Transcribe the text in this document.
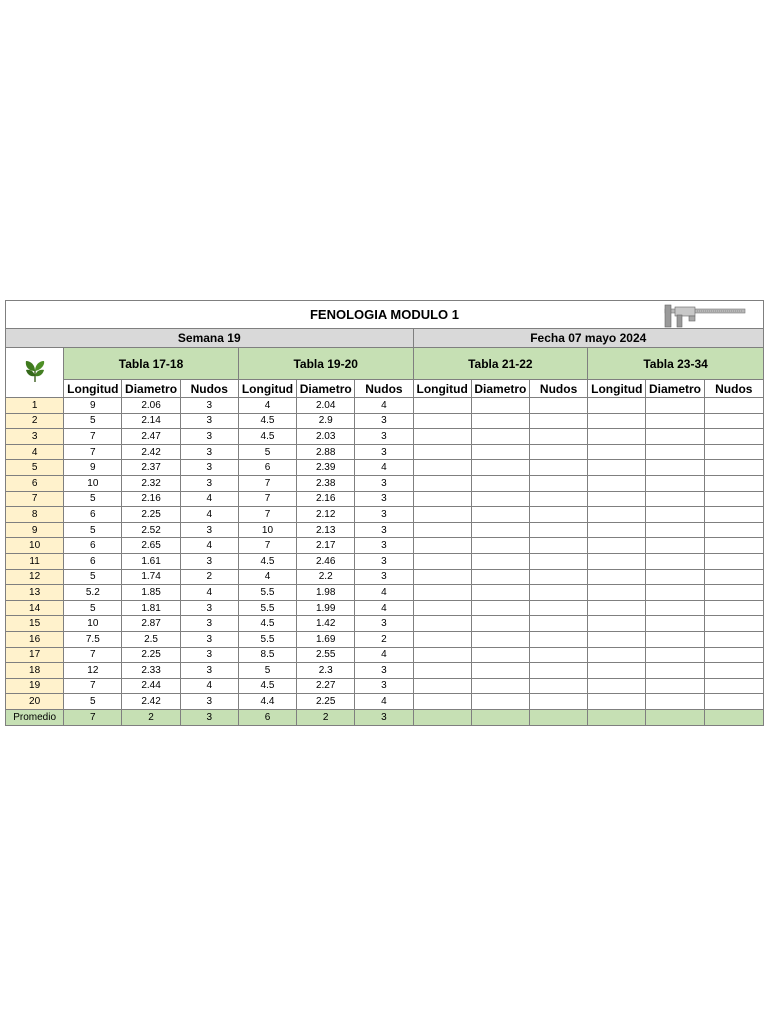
FENOLOGIA MODULO 1												

Semana 19							Fecha 07 mayo 2024					
	Tabla 17-18			Tabla 19-20			Tabla 21-22			Tabla 23-34		
	Longitud	Diametro	Nudos	Longitud	Diametro	Nudos	Longitud	Diametro	Nudos	Longitud	Diametro	Nudos
1	9	2.06	3	4	2.04	4						
2	5	2.14	3	4.5	2.9	3						
3	7	2.47	3	4.5	2.03	3						
4	7	2.42	3	5	2.88	3						
5	9	2.37	3	6	2.39	4						
6	10	2.32	3	7	2.38	3						
7	5	2.16	4	7	2.16	3						
8	6	2.25	4	7	2.12	3						
9	5	2.52	3	10	2.13	3						
10	6	2.65	4	7	2.17	3						
11	6	1.61	3	4.5	2.46	3						
12	5	1.74	2	4	2.2	3						
13	5.2	1.85	4	5.5	1.98	4						
14	5	1.81	3	5.5	1.99	4						
15	10	2.87	3	4.5	1.42	3						
16	7.5	2.5	3	5.5	1.69	2						
17	7	2.25	3	8.5	2.55	4						
18	12	2.33	3	5	2.3	3						
19	7	2.44	4	4.5	2.27	3						
20	5	2.42	3	4.4	2.25	4						
Promedio	7	2	3	6	2	3						
